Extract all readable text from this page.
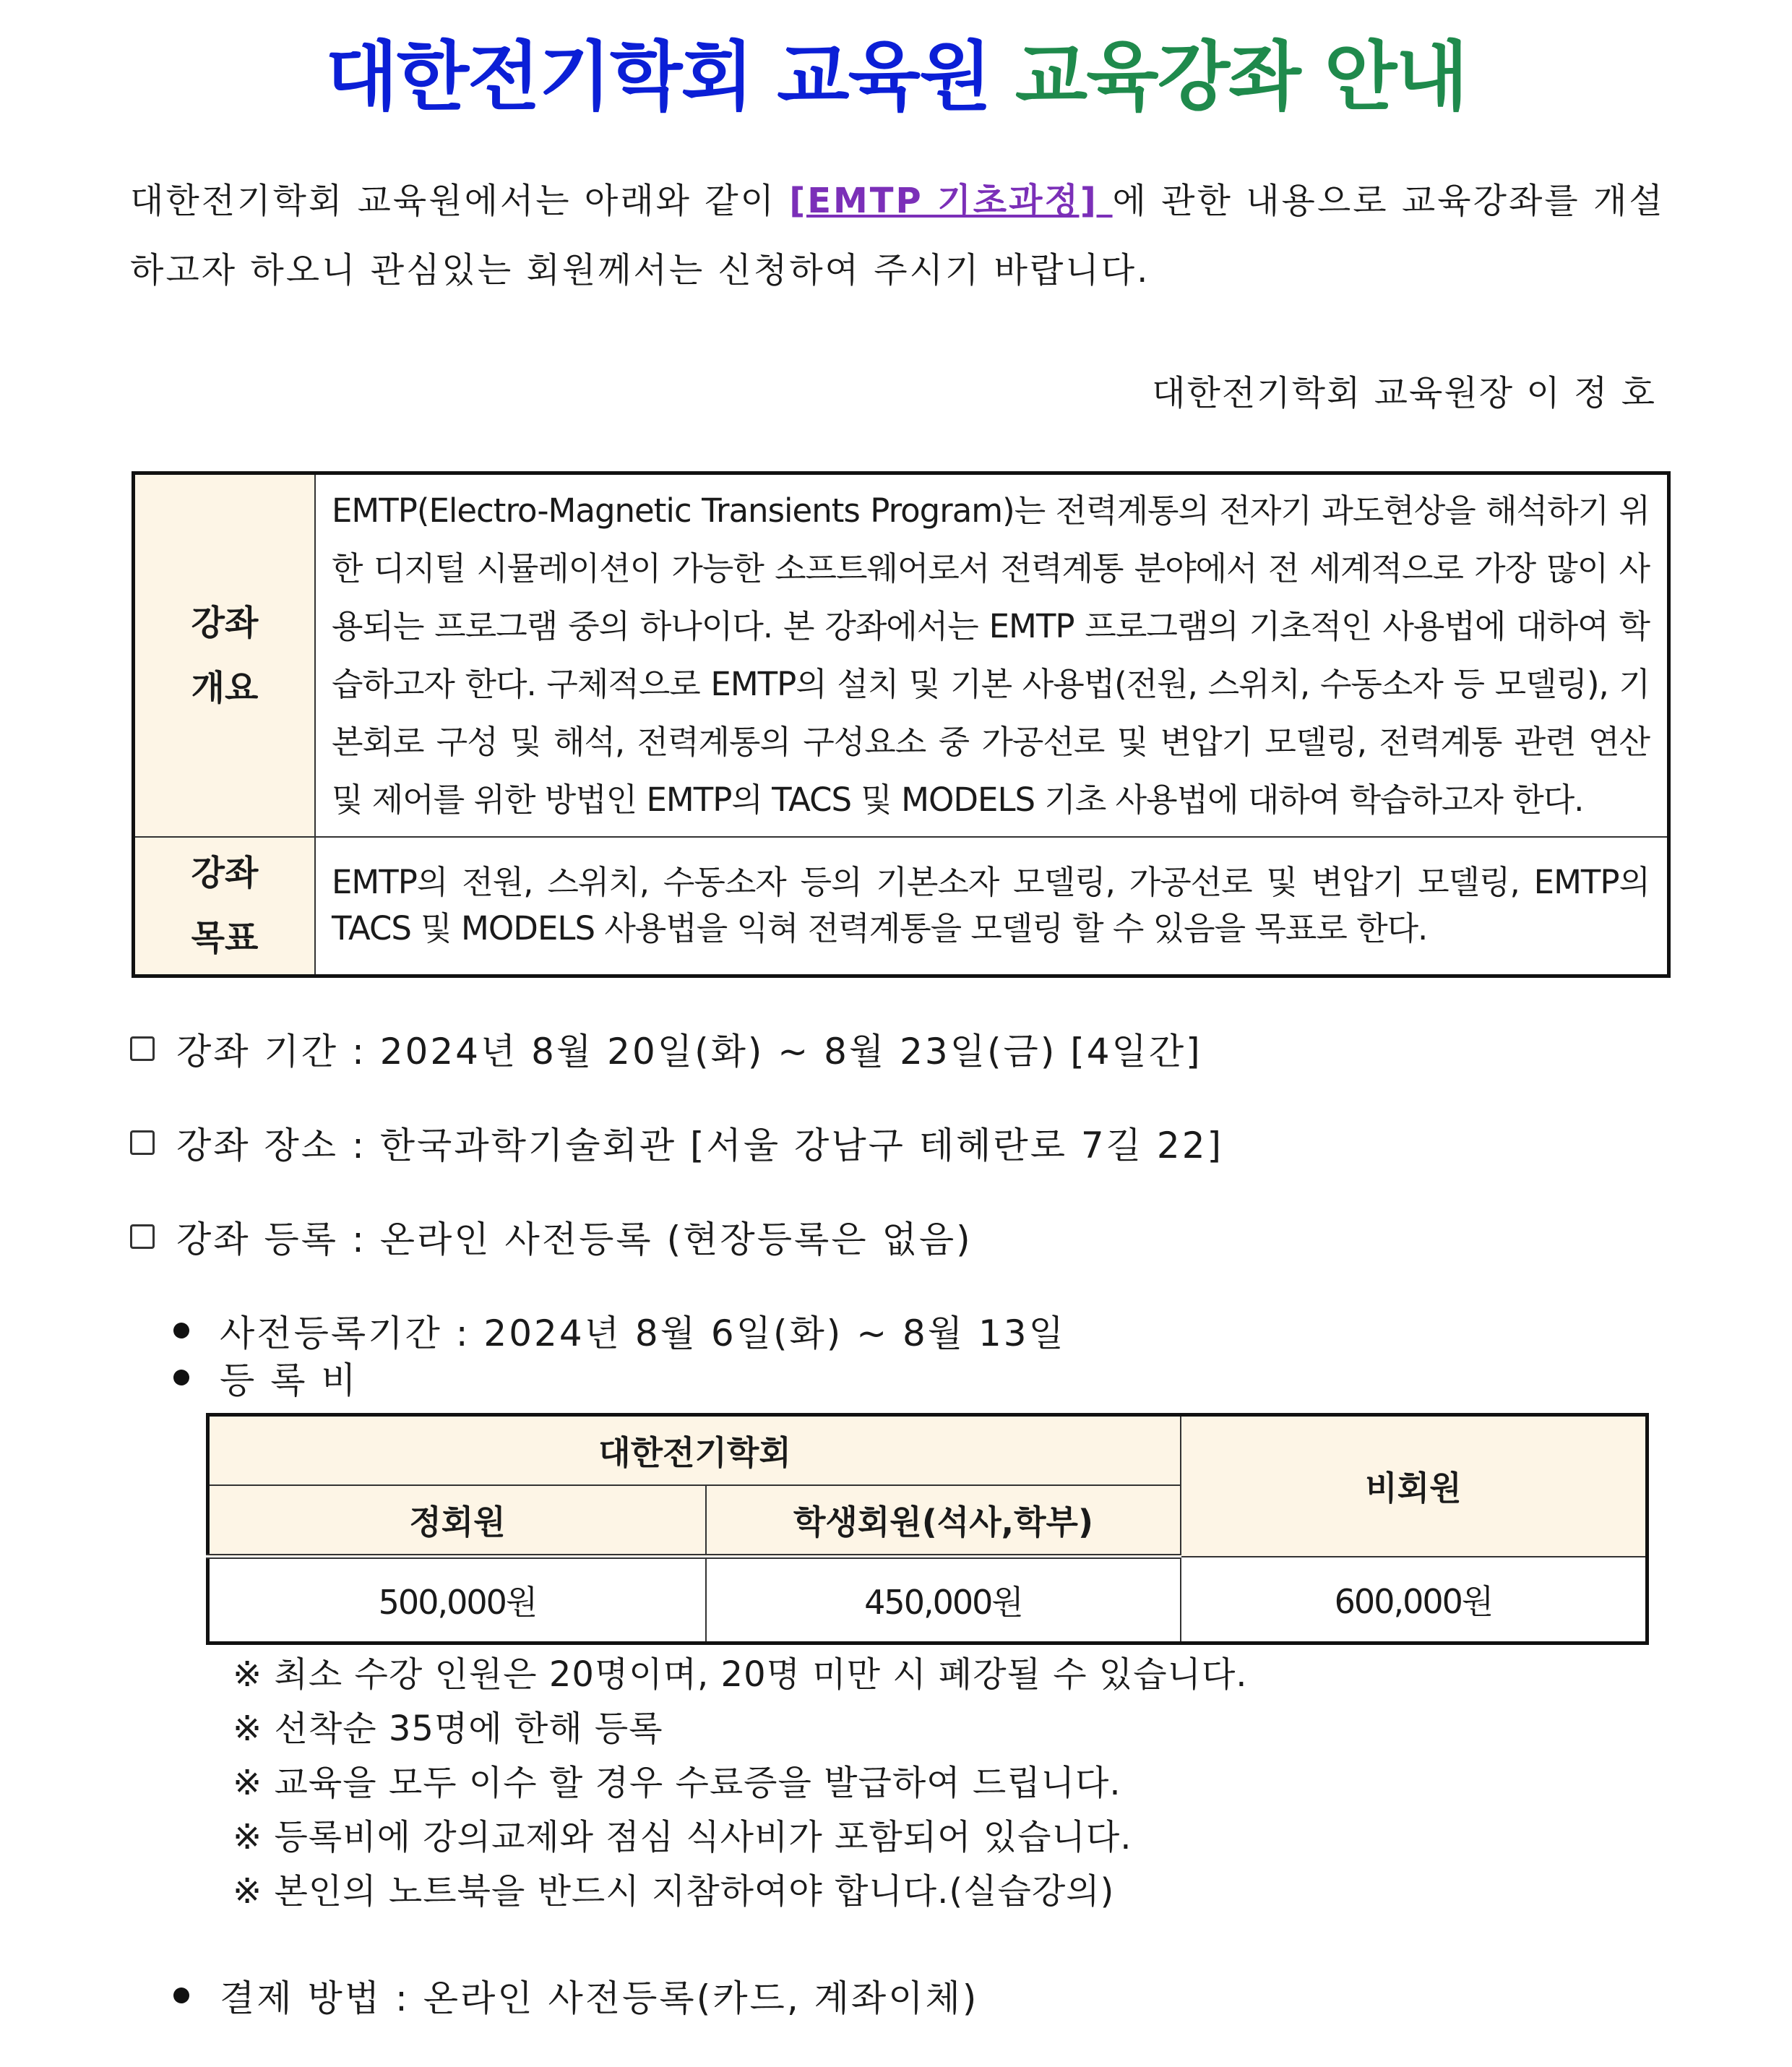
대한전기학회 교육원 교육강좌 안내
대한전기학회 교육원에서는 아래와 같이 [EMTP 기초과정] 에 관한 내용으로 교육강좌를 개설하고자 하오니 관심있는 회원께서는 신청하여 주시기 바랍니다.
대한전기학회 교육원장 이 정 호
강좌
개요	EMTP(Electro-Magnetic Transients Program)는 전력계통의 전자기 과도현상을 해석하기 위한 디지털 시뮬레이션이 가능한 소프트웨어로서 전력계통 분야에서 전 세계적으로 가장 많이 사용되는 프로그램 중의 하나이다. 본 강좌에서는 EMTP 프로그램의 기초적인 사용법에 대하여 학습하고자 한다. 구체적으로 EMTP의 설치 및 기본 사용법(전원, 스위치, 수동소자 등 모델링), 기본회로 구성 및 해석, 전력계통의 구성요소 중 가공선로 및 변압기 모델링, 전력계통 관련 연산 및 제어를 위한 방법인 EMTP의 TACS 및 MODELS 기초 사용법에 대하여 학습하고자 한다.

강좌
목표	EMTP의 전원, 스위치, 수동소자 등의 기본소자 모델링, 가공선로 및 변압기 모델링, EMTP의 TACS 및 MODELS 사용법을 익혀 전력계통을 모델링 할 수 있음을 목표로 한다.
강좌 기간 : 2024년 8월 20일(화) ~ 8월 23일(금) [4일간]
강좌 장소 : 한국과학기술회관 [서울 강남구 테헤란로 7길 22]
강좌 등록 : 온라인 사전등록 (현장등록은 없음)
사전등록기간 : 2024년 8월 6일(화) ~ 8월 13일
등 록 비
대한전기학회		비회원
정회원	학생회원(석사,학부)	
500,000원	450,000원	600,000원
※ 최소 수강 인원은 20명이며, 20명 미만 시 폐강될 수 있습니다.
※ 선착순 35명에 한해 등록
※ 교육을 모두 이수 할 경우 수료증을 발급하여 드립니다.
※ 등록비에 강의교제와 점심 식사비가 포함되어 있습니다.
※ 본인의 노트북을 반드시 지참하여야 합니다.(실습강의)
결제 방법 : 온라인 사전등록(카드, 계좌이체)
